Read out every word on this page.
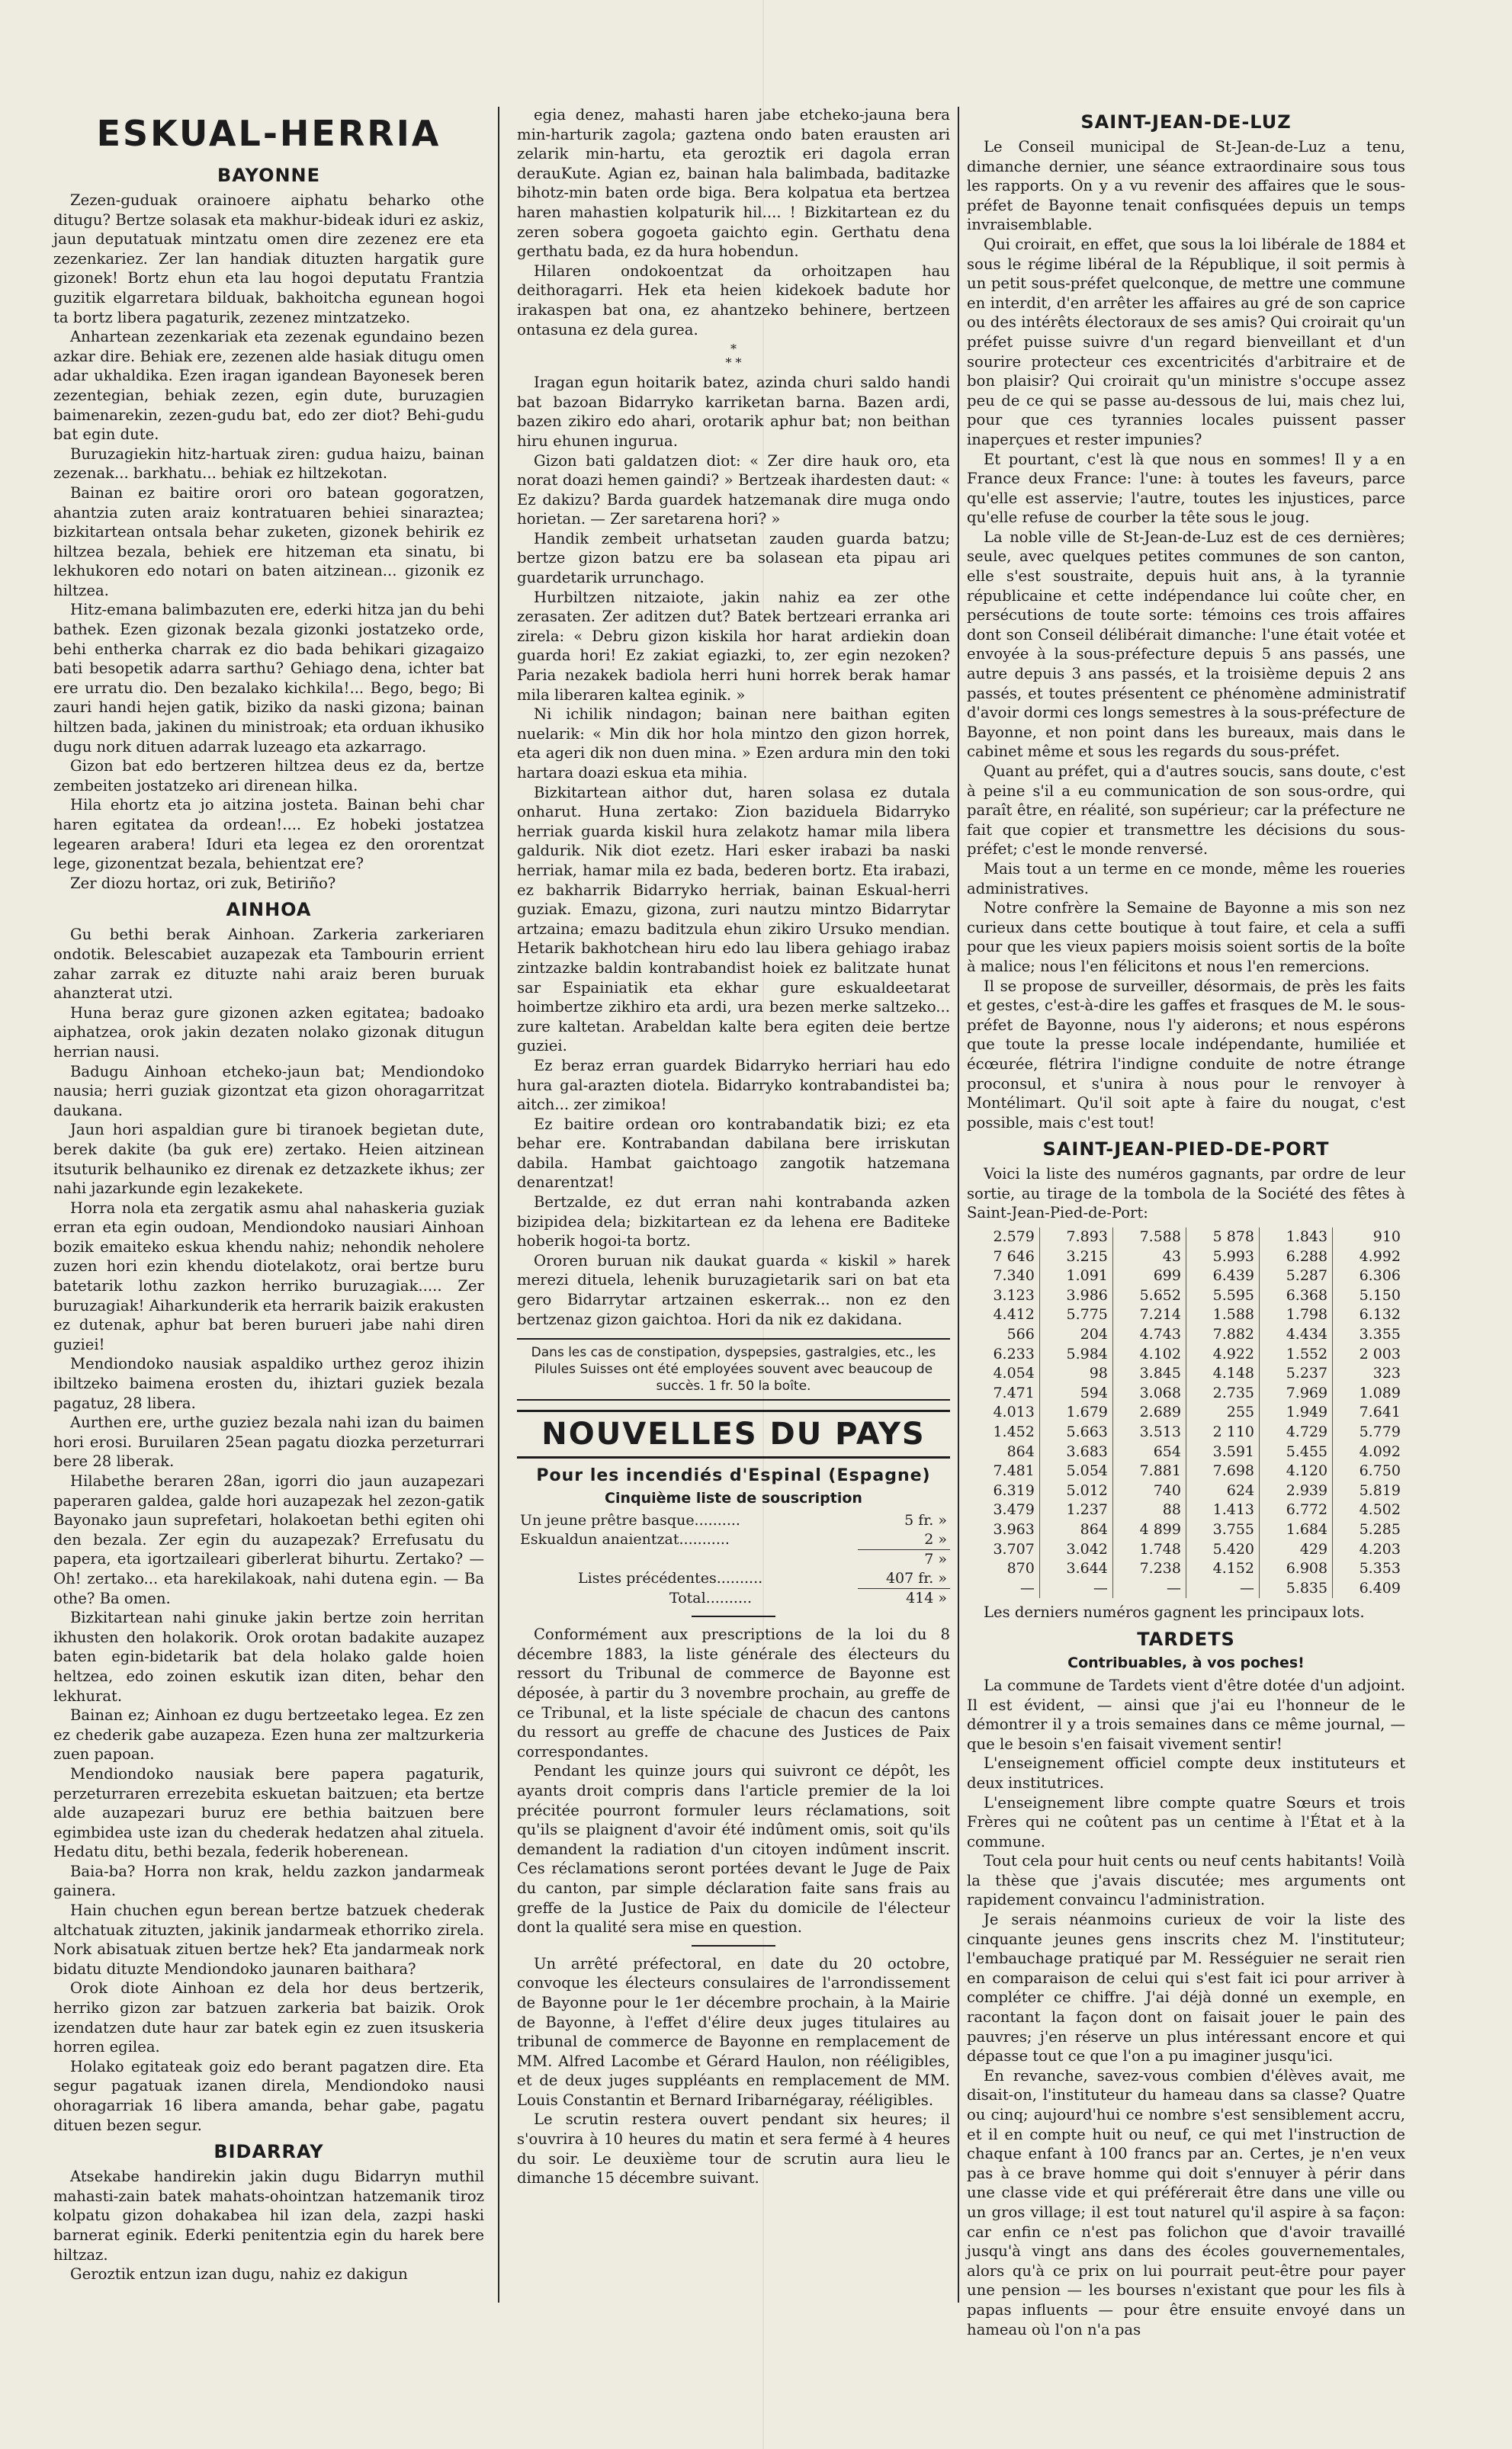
ESKUAL-HERRIA
BAYONNE

Zezen-guduak orainoere aiphatu beharko othe ditugu? Bertze solasak eta makhur-bideak iduri ez askiz, jaun deputatuak mintzatu omen dire zezenez ere eta zezenkariez. Zer lan handiak dituzten hargatik gure gizonek! Bortz ehun eta lau hogoi deputatu Frantzia guzitik elgarretara bilduak, bakhoitcha egunean hogoi ta bortz libera pagaturik, zezenez mintzatzeko.

Anhartean zezenkariak eta zezenak egundaino bezen azkar dire. Behiak ere, zezenen alde hasiak ditugu omen adar ukhaldika. Ezen iragan igandean Bayonesek beren zezentegian, behiak zezen, egin dute, buruzagien baimenarekin, zezen-gudu bat, edo zer diot? Behi-gudu bat egin dute.

Buruzagiekin hitz-hartuak ziren: gudua haizu, bainan zezenak... barkhatu... behiak ez hiltzekotan.

Bainan ez baitire orori oro batean gogoratzen, ahantzia zuten araiz kontratuaren behiei sinaraztea; bizkitartean ontsala behar zuketen, gizonek behirik ez hiltzea bezala, behiek ere hitzeman eta sinatu, bi lekhukoren edo notari on baten aitzinean... gizonik ez hiltzea.

Hitz-emana balimbazuten ere, ederki hitza jan du behi bathek. Ezen gizonak bezala gizonki jostatzeko orde, behi entherka charrak ez dio bada behikari gizagaizo bati besopetik adarra sarthu? Gehiago dena, ichter bat ere urratu dio. Den bezalako kichkila!... Bego, bego; Bi zauri handi hejen gatik, biziko da naski gizona; bainan hiltzen bada, jakinen du ministroak; eta orduan ikhusiko dugu nork dituen adarrak luzeago eta azkarrago.

Gizon bat edo bertzeren hiltzea deus ez da, bertze zembeiten jostatzeko ari direnean hilka.

Hila ehortz eta jo aitzina josteta. Bainan behi char haren egitatea da ordean!.... Ez hobeki jostatzea legearen arabera! Iduri eta legea ez den ororentzat lege, gizonentzat bezala, behientzat ere?

Zer diozu hortaz, ori zuk, Betiriño?

AINHOA

Gu bethi berak Ainhoan. Zarkeria zarkeriaren ondotik. Belescabiet auzapezak eta Tambourin errient zahar zarrak ez dituzte nahi araiz beren buruak ahanzterat utzi.

Huna beraz gure gizonen azken egitatea; badoako aiphatzea, orok jakin dezaten nolako gizonak ditugun herrian nausi.

Badugu Ainhoan etcheko-jaun bat; Mendiondoko nausia; herri guziak gizontzat eta gizon ohoragarritzat daukana.

Jaun hori aspaldian gure bi tiranoek begietan dute, berek dakite (ba guk ere) zertako. Heien aitzinean itsuturik belhauniko ez direnak ez detzazkete ikhus; zer nahi jazarkunde egin lezakekete.

Horra nola eta zergatik asmu ahal nahaskeria guziak erran eta egin oudoan, Mendiondoko nausiari Ainhoan bozik emaiteko eskua khendu nahiz; nehondik neholere zuzen hori ezin khendu diotelakotz, orai bertze buru batetarik lothu zazkon herriko buruzagiak..... Zer buruzagiak! Aiharkunderik eta herrarik baizik erakusten ez dutenak, aphur bat beren burueri jabe nahi diren guziei!

Mendiondoko nausiak aspaldiko urthez geroz ihizin ibiltzeko baimena erosten du, ihiztari guziek bezala pagatuz, 28 libera.

Aurthen ere, urthe guziez bezala nahi izan du baimen hori erosi. Buruilaren 25ean pagatu diozka perzeturrari bere 28 liberak.

Hilabethe beraren 28an, igorri dio jaun auzapezari paperaren galdea, galde hori auzapezak hel zezon-gatik Bayonako jaun suprefetari, holakoetan bethi egiten ohi den bezala. Zer egin du auzapezak? Errefusatu du papera, eta igortzaileari giberlerat bihurtu. Zertako? — Oh! zertako... eta harekilakoak, nahi dutena egin. — Ba othe? Ba omen.

Bizkitartean nahi ginuke jakin bertze zoin herritan ikhusten den holakorik. Orok orotan badakite auzapez baten egin-bidetarik bat dela holako galde hoien heltzea, edo zoinen eskutik izan diten, behar den lekhurat.

Bainan ez; Ainhoan ez dugu bertzeetako legea. Ez zen ez chederik gabe auzapeza. Ezen huna zer maltzurkeria zuen papoan.

Mendiondoko nausiak bere papera pagaturik, perzeturraren errezebita eskuetan baitzuen; eta bertze alde auzapezari buruz ere bethia baitzuen bere egimbidea uste izan du chederak hedatzen ahal zituela. Hedatu ditu, bethi bezala, federik hoberenean.

Baia-ba? Horra non krak, heldu zazkon jandarmeak gainera.

Hain chuchen egun berean bertze batzuek chederak altchatuak zituzten, jakinik jandarmeak ethorriko zirela. Nork abisatuak zituen bertze hek? Eta jandarmeak nork bidatu dituzte Mendiondoko jaunaren baithara?

Orok diote Ainhoan ez dela hor deus bertzerik, herriko gizon zar batzuen zarkeria bat baizik. Orok izendatzen dute haur zar batek egin ez zuen itsuskeria horren egilea.

Holako egitateak goiz edo berant pagatzen dire. Eta segur pagatuak izanen direla, Mendiondoko nausi ohoragarriak 16 libera amanda, behar gabe, pagatu dituen bezen segur.

BIDARRAY

Atsekabe handirekin jakin dugu Bidarryn muthil mahasti-zain batek mahats-ohointzan hatzemanik tiroz kolpatu gizon dohakabea hil izan dela, zazpi haski barnerat eginik. Ederki penitentzia egin du harek bere hiltzaz.

Geroztik entzun izan dugu, nahiz ez dakigun

egia denez, mahasti haren jabe etcheko-jauna bera min-harturik zagola; gaztena ondo baten erausten ari zelarik min-hartu, eta geroztik eri dagola erran derauKute. Agian ez, bainan hala balimbada, baditazke bihotz-min baten orde biga. Bera kolpatua eta bertzea haren mahastien kolpaturik hil.... ! Bizkitartean ez du zeren sobera gogoeta gaichto egin. Gerthatu dena gerthatu bada, ez da hura hobendun.

Hilaren ondokoentzat da orhoitzapen hau deithoragarri. Hek eta heien kidekoek badute hor irakaspen bat ona, ez ahantzeko behinere, bertzeen ontasuna ez dela gurea.

*
* *

Iragan egun hoitarik batez, azinda churi saldo handi bat bazoan Bidarryko karriketan barna. Bazen ardi, bazen zikiro edo ahari, orotarik aphur bat; non beithan hiru ehunen ingurua.

Gizon bati galdatzen diot: « Zer dire hauk oro, eta norat doazi hemen gaindi? » Bertzeak ihardesten daut: « Ez dakizu? Barda guardek hatzemanak dire muga ondo horietan. — Zer saretarena hori? »

Handik zembeit urhatsetan zauden guarda batzu; bertze gizon batzu ere ba solasean eta pipau ari guardetarik urrunchago.

Hurbiltzen nitzaiote, jakin nahiz ea zer othe zerasaten. Zer aditzen dut? Batek bertzeari erranka ari zirela: « Debru gizon kiskila hor harat ardiekin doan guarda hori! Ez zakiat egiazki, to, zer egin nezoken? Paria nezakek badiola herri huni horrek berak hamar mila liberaren kaltea eginik. »

Ni ichilik nindagon; bainan nere baithan egiten nuelarik: « Min dik hor hola mintzo den gizon horrek, eta ageri dik non duen mina. » Ezen ardura min den toki hartara doazi eskua eta mihia.

Bizkitartean aithor dut, haren solasa ez dutala onharut. Huna zertako: Zion baziduela Bidarryko herriak guarda kiskil hura zelakotz hamar mila libera galdurik. Nik diot ezetz. Hari esker irabazi ba naski herriak, hamar mila ez bada, bederen bortz. Eta irabazi, ez bakharrik Bidarryko herriak, bainan Eskual-herri guziak. Emazu, gizona, zuri nautzu mintzo Bidarrytar artzaina; emazu baditzula ehun zikiro Ursuko mendian. Hetarik bakhotchean hiru edo lau libera gehiago irabaz zintzazke baldin kontrabandist hoiek ez balitzate hunat sar Espainiatik eta ekhar gure eskualdeetarat hoimbertze zikhiro eta ardi, ura bezen merke saltzeko... zure kaltetan. Arabeldan kalte bera egiten deie bertze guziei.

Ez beraz erran guardek Bidarryko herriari hau edo hura gal-arazten diotela. Bidarryko kontrabandistei ba; aitch... zer zimikoa!

Ez baitire ordean oro kontrabandatik bizi; ez eta behar ere. Kontrabandan dabilana bere irriskutan dabila. Hambat gaichtoago zangotik hatzemana denarentzat!

Bertzalde, ez dut erran nahi kontrabanda azken bizipidea dela; bizkitartean ez da lehena ere Baditeke hoberik hogoi-ta bortz.

Ororen buruan nik daukat guarda « kiskil » harek merezi dituela, lehenik buruzagietarik sari on bat eta gero Bidarrytar artzainen eskerrak... non ez den bertzenaz gizon gaichtoa. Hori da nik ez dakidana.

Dans les cas de constipation, dyspepsies, gastralgies, etc., les Pilules Suisses ont été employées souvent avec beaucoup de succès. 1 fr. 50 la boîte.
NOUVELLES DU PAYS
Pour les incendiés d'Espinal (Espagne)
Cinquième liste de souscription
Un jeune prêtre basque..........	5 fr. »
Eskualdun anaientzat...........	2 »
	7 »
Listes précédentes..........	407 fr. »
Total..........	414 »

Conformément aux prescriptions de la loi du 8 décembre 1883, la liste générale des électeurs du ressort du Tribunal de commerce de Bayonne est déposée, à partir du 3 novembre prochain, au greffe de ce Tribunal, et la liste spéciale de chacun des cantons du ressort au greffe de chacune des Justices de Paix correspondantes.

Pendant les quinze jours qui suivront ce dépôt, les ayants droit compris dans l'article premier de la loi précitée pourront formuler leurs réclamations, soit qu'ils se plaignent d'avoir été indûment omis, soit qu'ils demandent la radiation d'un citoyen indûment inscrit. Ces réclamations seront portées devant le Juge de Paix du canton, par simple déclaration faite sans frais au greffe de la Justice de Paix du domicile de l'électeur dont la qualité sera mise en question.

Un arrêté préfectoral, en date du 20 octobre, convoque les électeurs consulaires de l'arrondissement de Bayonne pour le 1er décembre prochain, à la Mairie de Bayonne, à l'effet d'élire deux juges titulaires au tribunal de commerce de Bayonne en remplacement de MM. Alfred Lacombe et Gérard Haulon, non rééligibles, et de deux juges suppléants en remplacement de MM. Louis Constantin et Bernard Iribarnégaray, rééligibles.

Le scrutin restera ouvert pendant six heures; il s'ouvrira à 10 heures du matin et sera fermé à 4 heures du soir. Le deuxième tour de scrutin aura lieu le dimanche 15 décembre suivant.

SAINT-JEAN-DE-LUZ

Le Conseil municipal de St-Jean-de-Luz a tenu, dimanche dernier, une séance extraordinaire sous tous les rapports. On y a vu revenir des affaires que le sous-préfet de Bayonne tenait confisquées depuis un temps invraisemblable.

Qui croirait, en effet, que sous la loi libérale de 1884 et sous le régime libéral de la République, il soit permis à un petit sous-préfet quelconque, de mettre une commune en interdit, d'en arrêter les affaires au gré de son caprice ou des intérêts électoraux de ses amis? Qui croirait qu'un préfet puisse suivre d'un regard bienveillant et d'un sourire protecteur ces excentricités d'arbitraire et de bon plaisir? Qui croirait qu'un ministre s'occupe assez peu de ce qui se passe au-dessous de lui, mais chez lui, pour que ces tyrannies locales puissent passer inaperçues et rester impunies?

Et pourtant, c'est là que nous en sommes! Il y a en France deux France: l'une: à toutes les faveurs, parce qu'elle est asservie; l'autre, toutes les injustices, parce qu'elle refuse de courber la tête sous le joug.

La noble ville de St-Jean-de-Luz est de ces dernières; seule, avec quelques petites communes de son canton, elle s'est soustraite, depuis huit ans, à la tyrannie républicaine et cette indépendance lui coûte cher, en persécutions de toute sorte: témoins ces trois affaires dont son Conseil délibérait dimanche: l'une était votée et envoyée à la sous-préfecture depuis 5 ans passés, une autre depuis 3 ans passés, et la troisième depuis 2 ans passés, et toutes présentent ce phénomène administratif d'avoir dormi ces longs semestres à la sous-préfecture de Bayonne, et non point dans les bureaux, mais dans le cabinet même et sous les regards du sous-préfet.

Quant au préfet, qui a d'autres soucis, sans doute, c'est à peine s'il a eu communication de son sous-ordre, qui paraît être, en réalité, son supérieur; car la préfecture ne fait que copier et transmettre les décisions du sous-préfet; c'est le monde renversé.

Mais tout a un terme en ce monde, même les roueries administratives.

Notre confrère la Semaine de Bayonne a mis son nez curieux dans cette boutique à tout faire, et cela a suffi pour que les vieux papiers moisis soient sortis de la boîte à malice; nous l'en félicitons et nous l'en remercions.

Il se propose de surveiller, désormais, de près les faits et gestes, c'est-à-dire les gaffes et frasques de M. le sous-préfet de Bayonne, nous l'y aiderons; et nous espérons que toute la presse locale indépendante, humiliée et écœurée, flétrira l'indigne conduite de notre étrange proconsul, et s'unira à nous pour le renvoyer à Montélimart. Qu'il soit apte à faire du nougat, c'est possible, mais c'est tout!

SAINT-JEAN-PIED-DE-PORT

Voici la liste des numéros gagnants, par ordre de leur sortie, au tirage de la tombola de la Société des fêtes à Saint-Jean-Pied-de-Port:

2.579	7.893	7.588	5 878	1.843	910
7 646	3.215	43	5.993	6.288	4.992
7.340	1.091	699	6.439	5.287	6.306
3.123	3.986	5.652	5.595	6.368	5.150
4.412	5.775	7.214	1.588	1.798	6.132
566	204	4.743	7.882	4.434	3.355
6.233	5.984	4.102	4.922	1.552	2 003
4.054	98	3.845	4.148	5.237	323
7.471	594	3.068	2.735	7.969	1.089
4.013	1.679	2.689	255	1.949	7.641
1.452	5.663	3.513	2 110	4.729	5.779
864	3.683	654	3.591	5.455	4.092
7.481	5.054	7.881	7.698	4.120	6.750
6.319	5.012	740	624	2.939	5.819
3.479	1.237	88	1.413	6.772	4.502
3.963	864	4 899	3.755	1.684	5.285
3.707	3.042	1.748	5.420	429	4.203
870	3.644	7.238	4.152	6.908	5.353
—	—	—	—	5.835	6.409

Les derniers numéros gagnent les principaux lots.

TARDETS
Contribuables, à vos poches!

La commune de Tardets vient d'être dotée d'un adjoint. Il est évident, — ainsi que j'ai eu l'honneur de le démontrer il y a trois semaines dans ce même journal, — que le besoin s'en faisait vivement sentir!

L'enseignement officiel compte deux instituteurs et deux institutrices.

L'enseignement libre compte quatre Sœurs et trois Frères qui ne coûtent pas un centime à l'État et à la commune.

Tout cela pour huit cents ou neuf cents habitants! Voilà la thèse que j'avais discutée; mes arguments ont rapidement convaincu l'administration.

Je serais néanmoins curieux de voir la liste des cinquante jeunes gens inscrits chez M. l'instituteur; l'embauchage pratiqué par M. Rességuier ne serait rien en comparaison de celui qui s'est fait ici pour arriver à compléter ce chiffre. J'ai déjà donné un exemple, en racontant la façon dont on faisait jouer le pain des pauvres; j'en réserve un plus intéressant encore et qui dépasse tout ce que l'on a pu imaginer jusqu'ici.

En revanche, savez-vous combien d'élèves avait, me disait-on, l'instituteur du hameau dans sa classe? Quatre ou cinq; aujourd'hui ce nombre s'est sensiblement accru, et il en compte huit ou neuf, ce qui met l'instruction de chaque enfant à 100 francs par an. Certes, je n'en veux pas à ce brave homme qui doit s'ennuyer à périr dans une classe vide et qui préférerait être dans une ville ou un gros village; il est tout naturel qu'il aspire à sa façon: car enfin ce n'est pas folichon que d'avoir travaillé jusqu'à vingt ans dans des écoles gouvernementales, alors qu'à ce prix on lui pourrait peut-être pour payer une pension — les bourses n'existant que pour les fils à papas influents — pour être ensuite envoyé dans un hameau où l'on n'a pas
